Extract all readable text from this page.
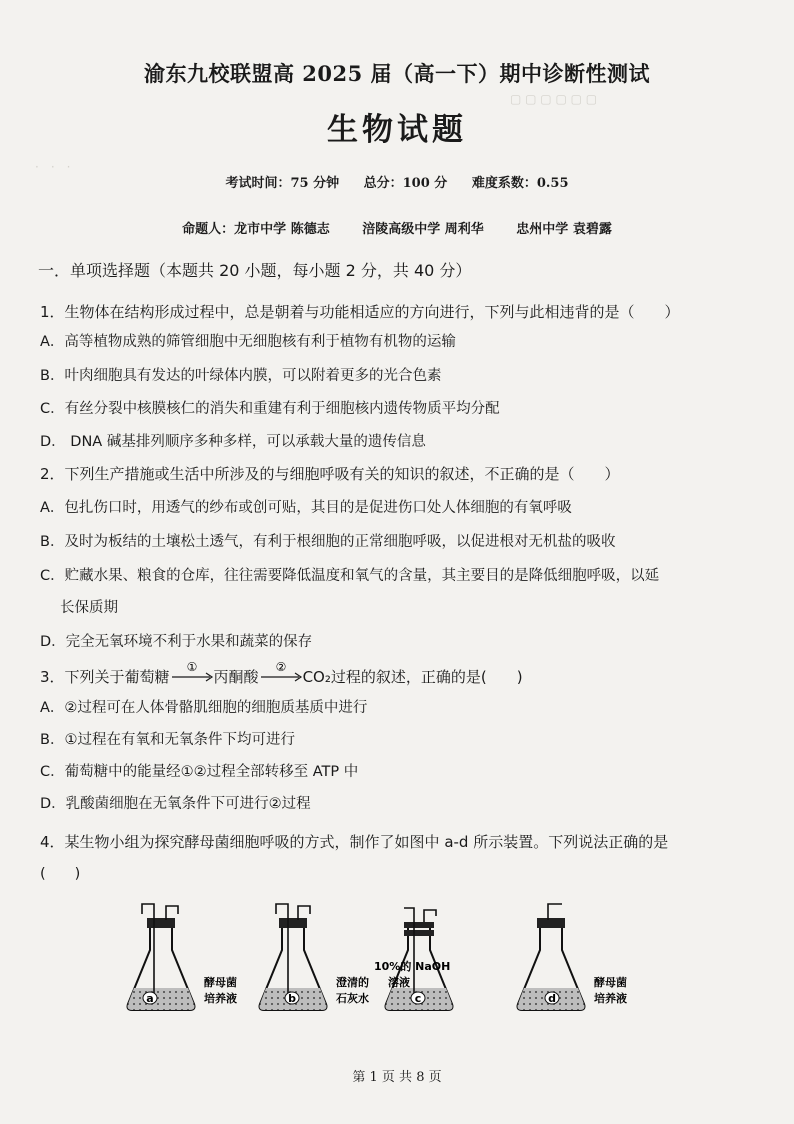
▢ ▢ ▢ ▢ ▢ ▢
·　·　·
渝东九校联盟高 2025 届（高一下）期中诊断性测试
生物试题
考试时间：75 分钟 总分：100 分 难度系数：0.55
命题人：龙市中学 陈德志	涪陵高级中学 周利华	忠州中学 袁碧露
一．单项选择题（本题共 20 小题，每小题 2 分，共 40 分）
1．生物体在结构形成过程中，总是朝着与功能相适应的方向进行，下列与此相违背的是（　　）
A．高等植物成熟的筛管细胞中无细胞核有利于植物有机物的运输
B．叶肉细胞具有发达的叶绿体内膜，可以附着更多的光合色素
C．有丝分裂中核膜核仁的消失和重建有利于细胞核内遗传物质平均分配
D． DNA 碱基排列顺序多种多样，可以承载大量的遗传信息
2．下列生产措施或生活中所涉及的与细胞呼吸有关的知识的叙述，不正确的是（　　）
A．包扎伤口时，用透气的纱布或创可贴，其目的是促进伤口处人体细胞的有氧呼吸
B．及时为板结的土壤松土透气，有利于根细胞的正常细胞呼吸，以促进根对无机盐的吸收
C．贮藏水果、粮食的仓库，往往需要降低温度和氧气的含量，其主要目的是降低细胞呼吸，以延
长保质期
D．完全无氧环境不利于水果和蔬菜的保存
3．下列关于葡萄糖
①
丙酮酸
②
CO₂过程的叙述，正确的是(　　)
A．②过程可在人体骨骼肌细胞的细胞质基质中进行
B．①过程在有氧和无氧条件下均可进行
C．葡萄糖中的能量经①②过程全部转移至 ATP 中
D．乳酸菌细胞在无氧条件下可进行②过程
4．某生物小组为探究酵母菌细胞呼吸的方式，制作了如图中 a-d 所示装置。下列说法正确的是
(　　)
a
酵母菌
培养液	b
澄清的
石灰水	c
10%的 NaOH
溶液
d
酵母菌
培养液
第 1 页 共 8 页
